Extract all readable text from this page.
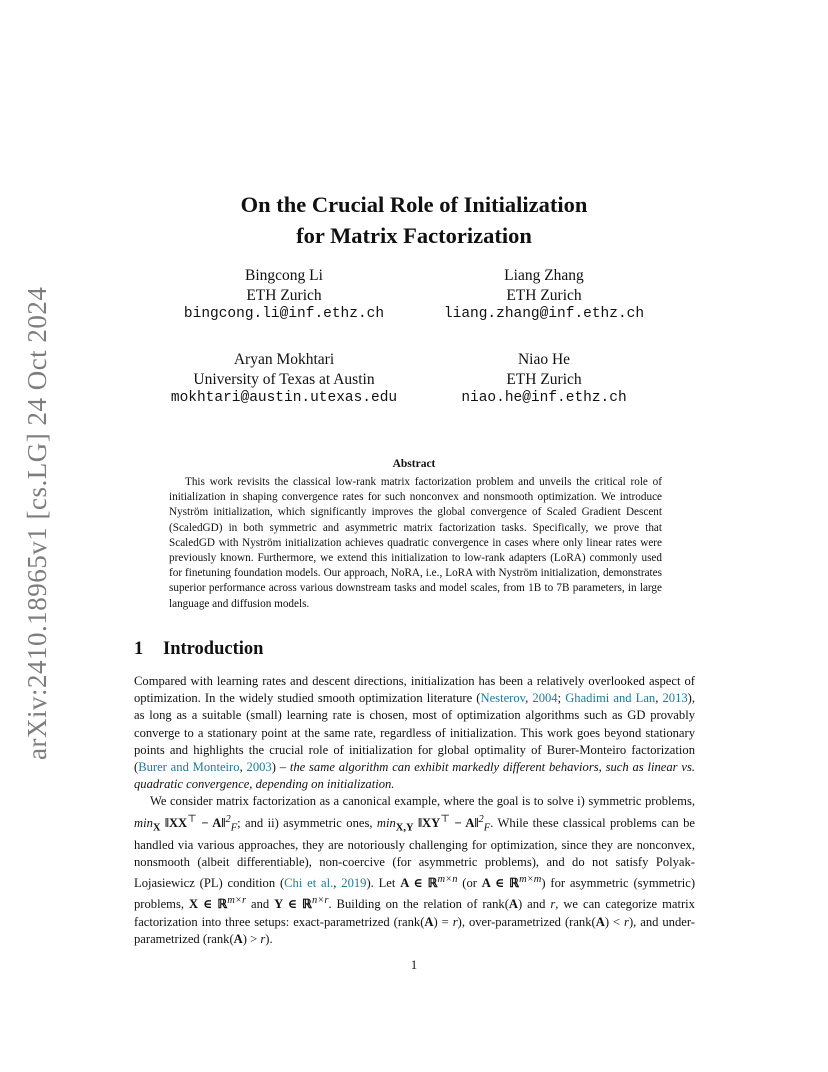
arXiv:2410.18965v1 [cs.LG] 24 Oct 2024
On the Crucial Role of Initialization
for Matrix Factorization
Bingcong Li
ETH Zurich
bingcong.li@inf.ethz.ch
Liang Zhang
ETH Zurich
liang.zhang@inf.ethz.ch
Aryan Mokhtari
University of Texas at Austin
mokhtari@austin.utexas.edu
Niao He
ETH Zurich
niao.he@inf.ethz.ch
Abstract

This work revisits the classical low-rank matrix factorization problem and unveils the critical role of initialization in shaping convergence rates for such nonconvex and nonsmooth optimization. We introduce Nyström initialization, which significantly improves the global convergence of Scaled Gradient Descent (ScaledGD) in both symmetric and asymmetric matrix factorization tasks. Specifically, we prove that ScaledGD with Nyström initialization achieves quadratic convergence in cases where only linear rates were previously known. Furthermore, we extend this initialization to low-rank adapters (LoRA) commonly used for finetuning foundation models. Our approach, NoRA, i.e., LoRA with Nyström initialization, demonstrates superior performance across various downstream tasks and model scales, from 1B to 7B parameters, in large language and diffusion models.

1 Introduction

Compared with learning rates and descent directions, initialization has been a relatively overlooked aspect of optimization. In the widely studied smooth optimization literature (Nesterov, 2004; Ghadimi and Lan, 2013), as long as a suitable (small) learning rate is chosen, most of optimization algorithms such as GD provably converge to a stationary point at the same rate, regardless of initialization. This work goes beyond stationary points and highlights the crucial role of initialization for global optimality of Burer-Monteiro factorization (Burer and Monteiro, 2003) – the same algorithm can exhibit markedly different behaviors, such as linear vs. quadratic convergence, depending on initialization.

We consider matrix factorization as a canonical example, where the goal is to solve i) symmetric problems, $\min_X$ ‖XX⊤ − A‖$^2_F$; and ii) asymmetric ones, $\min_{X,Y}$ ‖XY⊤ − A‖$^2_F$. While these classical problems can be handled via various approaches, they are notoriously challenging for optimization, since they are nonconvex, nonsmooth (albeit differentiable), non-coercive (for asymmetric problems), and do not satisfy Polyak-Lojasiewicz (PL) condition (Chi et al., 2019). Let A ∈ ℝ$^{m\times n}$ (or A ∈ ℝ$^{m\times m}$) for asymmetric (symmetric) problems, X ∈ ℝ$^{m\times r}$ and Y ∈ ℝ$^{n\times r}$. Building on the relation of rank(A) and r, we can categorize matrix factorization into three setups: exact-parametrized (rank(A) = r), over-parametrized (rank(A) < r), and under-parametrized (rank(A) > r).

1
